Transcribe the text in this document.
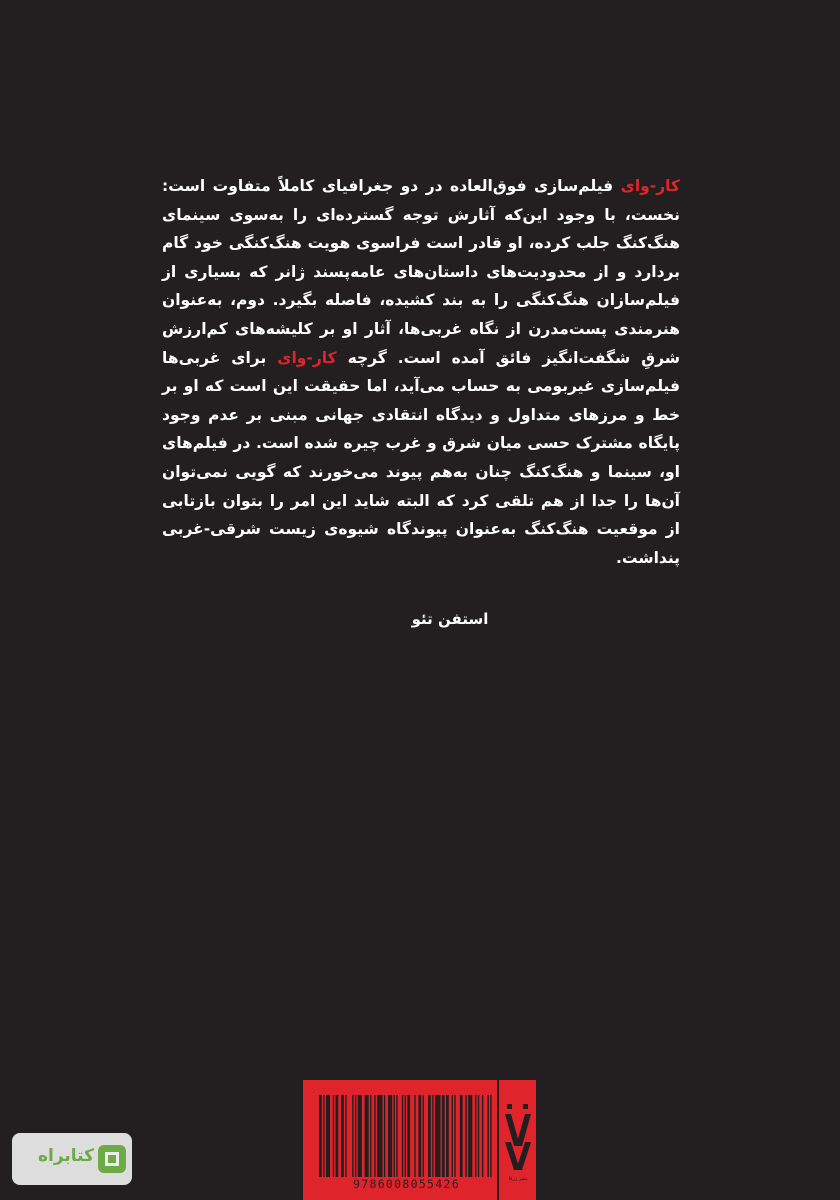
کار-وای فیلم‌سازی فوق‌العاده در دو جغرافیای کاملاً متفاوت است: نخست، با وجود این‌که آثارش توجه گسترده‌ای را به‌سوی سینمای هنگ‌کنگ جلب کرده، او قادر است فراسوی هویت هنگ‌کنگی خود گام بردارد و از محدودیت‌های داستان‌های عامه‌پسند ژانر که بسیاری از فیلم‌سازان هنگ‌کنگی را به بند کشیده، فاصله بگیرد. دوم، به‌عنوان هنرمندی پست‌مدرن از نگاه غربی‌ها، آثار او بر کلیشه‌های کم‌ارزش شرقِ شگفت‌انگیز فائق آمده است. گرچه کار-وای برای غربی‌ها فیلم‌سازی غیربومی به حساب می‌آید، اما حقیقت این است که او بر خط و مرزهای متداول و دیدگاه انتقادی جهانی مبنی بر عدم وجود پایگاه مشترک حسی میان شرق و غرب چیره شده است. در فیلم‌های او، سینما و هنگ‌کنگ چنان به‌هم پیوند می‌خورند که گویی نمی‌توان آن‌ها را جدا از هم تلقی کرد که البته شاید این امر را بتوان بازتابی از موقعیت هنگ‌کنگ به‌عنوان پیوندگاه شیوه‌ی زیست شرقی-غربی پنداشت.
استفن تئو
9786008055426	نشر ژرفا
کتابراه
